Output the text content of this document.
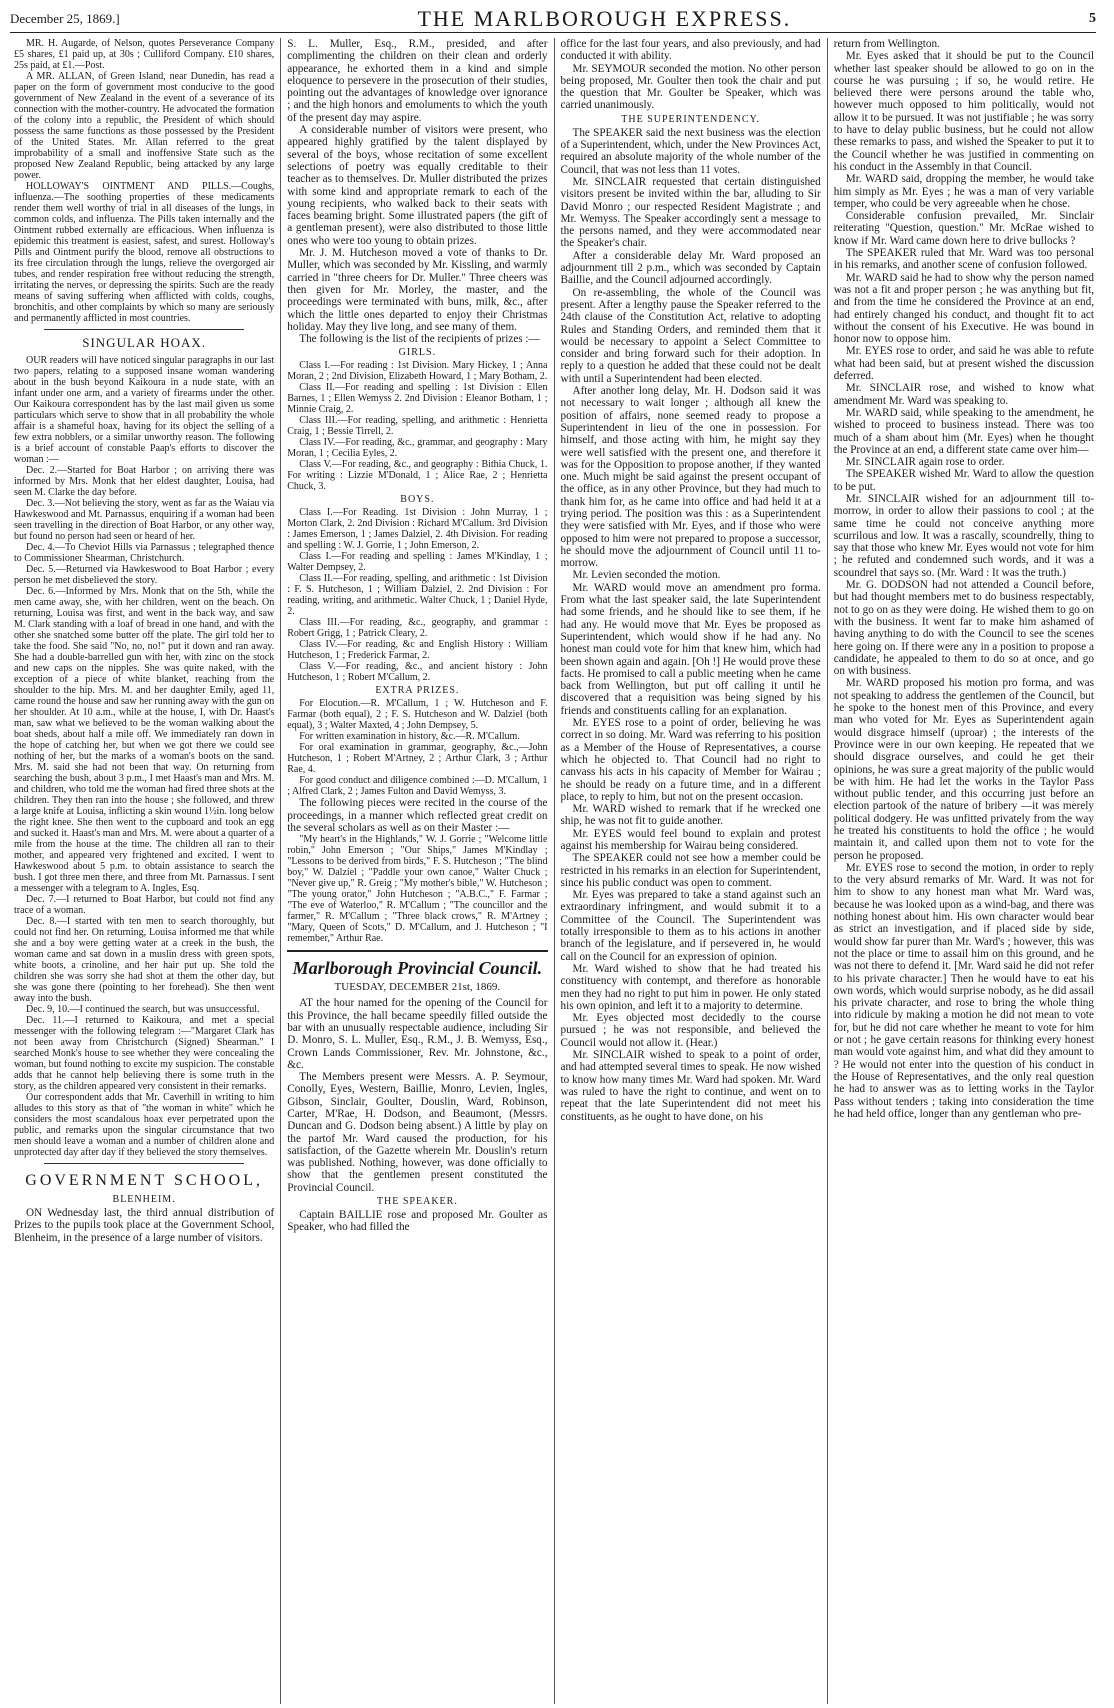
December 25, 1869.]	THE MARLBOROUGH EXPRESS.	5

MR. H. Augarde, of Nelson, quotes Perseverance Company £5 shares, £1 paid up, at 30s ; Culliford Company. £10 shares, 25s paid, at £1.—Post.

A MR. ALLAN, of Green Island, near Dunedin, has read a paper on the form of government most conducive to the good government of New Zealand in the event of a severance of its connection with the mother-country. He advocated the formation of the colony into a republic, the President of which should possess the same functions as those possessed by the President of the United States. Mr. Allan referred to the great improbability of a small and inoffensive State such as the proposed New Zealand Republic, being attacked by any large power.

HOLLOWAY'S OINTMENT AND PILLS.—Coughs, influenza.—The soothing properties of these medicaments render them well worthy of trial in all diseases of the lungs, in common colds, and influenza. The Pills taken internally and the Ointment rubbed externally are efficacious. When influenza is epidemic this treatment is easiest, safest, and surest. Holloway's Pills and Ointment purify the blood, remove all obstructions to its free circulation through the lungs, relieve the overgorged air tubes, and render respiration free without reducing the strength, irritating the nerves, or depressing the spirits. Such are the ready means of saving suffering when afflicted with colds, coughs, bronchitis, and other complaints by which so many are seriously and permanently afflicted in most countries.

SINGULAR HOAX.

OUR readers will have noticed singular paragraphs in our last two papers, relating to a supposed insane woman wandering about in the bush beyond Kaikoura in a nude state, with an infant under one arm, and a variety of firearms under the other. Our Kaikoura correspondent has by the last mail given us some particulars which serve to show that in all probability the whole affair is a shameful hoax, having for its object the selling of a few extra nobblers, or a similar unworthy reason. The following is a brief account of constable Paap's efforts to discover the woman :—

Dec. 2.—Started for Boat Harbor ; on arriving there was informed by Mrs. Monk that her eldest daughter, Louisa, had seen M. Clarke the day before.

Dec. 3.—Not believing the story, went as far as the Waiau via Hawkeswood and Mt. Parnassus, enquiring if a woman had been seen travelling in the direction of Boat Harbor, or any other way, but found no person had seen or heard of her.

Dec. 4.—To Cheviot Hills via Parnassus ; telegraphed thence to Commissioner Shearman, Christchurch.

Dec. 5.—Returned via Hawkeswood to Boat Harbor ; every person he met disbelieved the story.

Dec. 6.—Informed by Mrs. Monk that on the 5th, while the men came away, she, with her children, went on the beach. On returning, Louisa was first, and went in the back way, and saw M. Clark standing with a loaf of bread in one hand, and with the other she snatched some butter off the plate. The girl told her to take the food. She said "No, no, no!" put it down and ran away. She had a double-barrelled gun with her, with zinc on the stock and new caps on the nipples. She was quite naked, with the exception of a piece of white blanket, reaching from the shoulder to the hip. Mrs. M. and her daughter Emily, aged 11, came round the house and saw her running away with the gun on her shoulder. At 10 a.m., while at the house, I, with Dr. Haast's man, saw what we believed to be the woman walking about the boat sheds, about half a mile off. We immediately ran down in the hope of catching her, but when we got there we could see nothing of her, but the marks of a woman's boots on the sand. Mrs. M. said she had not been that way. On returning from searching the bush, about 3 p.m., I met Haast's man and Mrs. M. and children, who told me the woman had fired three shots at the children. They then ran into the house ; she followed, and threw a large knife at Louisa, inflicting a skin wound 1½in. long below the right knee. She then went to the cupboard and took an egg and sucked it. Haast's man and Mrs. M. were about a quarter of a mile from the house at the time. The children all ran to their mother, and appeared very frightened and excited. I went to Hawkeswood about 5 p.m. to obtain assistance to search the bush. I got three men there, and three from Mt. Parnassus. I sent a messenger with a telegram to A. Ingles, Esq.

Dec. 7.—I returned to Boat Harbor, but could not find any trace of a woman.

Dec. 8.—I started with ten men to search thoroughly, but could not find her. On returning, Louisa informed me that while she and a boy were getting water at a creek in the bush, the woman came and sat down in a muslin dress with green spots, white boots, a crinoline, and her hair put up. She told the children she was sorry she had shot at them the other day, but she was gone there (pointing to her forehead). She then went away into the bush.

Dec. 9, 10.—I continued the search, but was unsuccessful.

Dec. 11.—I returned to Kaikoura, and met a special messenger with the following telegram :—"Margaret Clark has not been away from Christchurch (Signed) Shearman." I searched Monk's house to see whether they were concealing the woman, but found nothing to excite my suspicion. The constable adds that he cannot help believing there is some truth in the story, as the children appeared very consistent in their remarks.

Our correspondent adds that Mr. Caverhill in writing to him alludes to this story as that of "the woman in white" which he considers the most scandalous hoax ever perpetrated upon the public, and remarks upon the singular circumstance that two men should leave a woman and a number of children alone and unprotected day after day if they believed the story themselves.

GOVERNMENT SCHOOL,
BLENHEIM.

ON Wednesday last, the third annual distribution of Prizes to the pupils took place at the Government School, Blenheim, in the presence of a large number of visitors.

S. L. Muller, Esq., R.M., presided, and after complimenting the children on their clean and orderly appearance, he exhorted them in a kind and simple eloquence to persevere in the prosecution of their studies, pointing out the advantages of knowledge over ignorance ; and the high honors and emoluments to which the youth of the present day may aspire.

A considerable number of visitors were present, who appeared highly gratified by the talent displayed by several of the boys, whose recitation of some excellent selections of poetry was equally creditable to their teacher as to themselves. Dr. Muller distributed the prizes with some kind and appropriate remark to each of the young recipients, who walked back to their seats with faces beaming bright. Some illustrated papers (the gift of a gentleman present), were also distributed to those little ones who were too young to obtain prizes.

Mr. J. M. Hutcheson moved a vote of thanks to Dr. Muller, which was seconded by Mr. Kissling, and warmly carried in "three cheers for Dr. Muller." Three cheers was then given for Mr. Morley, the master, and the proceedings were terminated with buns, milk, &c., after which the little ones departed to enjoy their Christmas holiday. May they live long, and see many of them.

The following is the list of the recipients of prizes :—

GIRLS.

Class I.—For reading : 1st Division. Mary Hickey, 1 ; Anna Moran, 2 ; 2nd Division, Elizabeth Howard, 1 ; Mary Botham, 2.

Class II.—For reading and spelling : 1st Division : Ellen Barnes, 1 ; Ellen Wemyss 2. 2nd Division : Eleanor Botham, 1 ; Minnie Craig, 2.

Class III.—For reading, spelling, and arithmetic : Henrietta Craig, 1 ; Bessie Tirrell, 2.

Class IV.—For reading, &c., grammar, and geography : Mary Moran, 1 ; Cecilia Eyles, 2.

Class V.—For reading, &c., and geography : Bithia Chuck, 1. For writing : Lizzie M'Donald, 1 ; Alice Rae, 2 ; Henrietta Chuck, 3.

BOYS.

Class I.—For Reading. 1st Division : John Murray, 1 ; Morton Clark, 2. 2nd Division : Richard M'Callum. 3rd Division : James Emerson, 1 ; James Dalziel, 2. 4th Division. For reading and spelling : W. J. Gorrie, 1 ; John Emerson, 2.

Class I.—For reading and spelling : James M'Kindlay, 1 ; Walter Dempsey, 2.

Class II.—For reading, spelling, and arithmetic : 1st Division : F. S. Hutcheson, 1 ; William Dalziel, 2. 2nd Division : For reading, writing, and arithmetic. Walter Chuck, 1 ; Daniel Hyde, 2.

Class III.—For reading, &c., geography, and grammar : Robert Grigg, 1 ; Patrick Cleary, 2.

Class IV.—For reading, &c and English History : William Hutcheson, 1 ; Frederick Farmar, 2.

Class V.—For reading, &c., and ancient history : John Hutcheson, 1 ; Robert M'Callum, 2.

EXTRA PRIZES.

For Elocution.—R. M'Callum, 1 ; W. Hutcheson and F. Farmar (both equal), 2 ; F. S. Hutcheson and W. Dalziel (both equal), 3 ; Walter Maxted, 4 ; John Dempsey, 5.

For written examination in history, &c.—R. M'Callum.

For oral examination in grammar, geography, &c.,—John Hutcheson, 1 ; Robert M'Artney, 2 ; Arthur Clark, 3 ; Arthur Rae, 4.

For good conduct and diligence combined :—D. M'Callum, 1 ; Alfred Clark, 2 ; James Fulton and David Wemyss, 3.

The following pieces were recited in the course of the proceedings, in a manner which reflected great credit on the several scholars as well as on their Master :—

"My heart's in the Highlands," W. J. Gorrie ; "Welcome little robin," John Emerson ; "Our Ships," James M'Kindlay ; "Lessons to be derived from birds," F. S. Hutcheson ; "The blind boy," W. Dalziel ; "Paddle your own canoe," Walter Chuck ; "Never give up," R. Greig ; "My mother's bible," W. Hutcheson ; "The young orator," John Hutcheson ; "A.B.C.," F. Farmar ; "The eve of Waterloo," R. M'Callum ; "The councillor and the farmer," R. M'Callum ; "Three black crows," R. M'Artney ; "Mary, Queen of Scots," D. M'Callum, and J. Hutcheson ; "I remember," Arthur Rae.

Marlborough Provincial Council.
TUESDAY, DECEMBER 21st, 1869.

AT the hour named for the opening of the Council for this Province, the hall became speedily filled outside the bar with an unusually respectable audience, including Sir D. Monro, S. L. Muller, Esq., R.M., J. B. Wemyss, Esq., Crown Lands Commissioner, Rev. Mr. Johnstone, &c., &c.

The Members present were Messrs. A. P. Seymour, Conolly, Eyes, Western, Baillie, Monro, Levien, Ingles, Gibson, Sinclair, Goulter, Douslin, Ward, Robinson, Carter, M'Rae, H. Dodson, and Beaumont, (Messrs. Duncan and G. Dodson being absent.) A little by play on the partof Mr. Ward caused the production, for his satisfaction, of the Gazette wherein Mr. Douslin's return was published. Nothing, however, was done officially to show that the gentlemen present constituted the Provincial Council.

THE SPEAKER.

Captain BAILLIE rose and proposed Mr. Goulter as Speaker, who had filled the

office for the last four years, and also previously, and had conducted it with ability.

Mr. SEYMOUR seconded the motion. No other person being proposed, Mr. Goulter then took the chair and put the question that Mr. Goulter be Speaker, which was carried unanimously.

THE SUPERINTENDENCY.

The SPEAKER said the next business was the election of a Superintendent, which, under the New Provinces Act, required an absolute majority of the whole number of the Council, that was not less than 11 votes.

Mr. SINCLAIR requested that certain distinguished visitors present be invited within the bar, alluding to Sir David Monro ; our respected Resident Magistrate ; and Mr. Wemyss. The Speaker accordingly sent a message to the persons named, and they were accommodated near the Speaker's chair.

After a considerable delay Mr. Ward proposed an adjournment till 2 p.m., which was seconded by Captain Baillie, and the Council adjourned accordingly.

On re-assembling, the whole of the Council was present. After a lengthy pause the Speaker referred to the 24th clause of the Constitution Act, relative to adopting Rules and Standing Orders, and reminded them that it would be necessary to appoint a Select Committee to consider and bring forward such for their adoption. In reply to a question he added that these could not be dealt with until a Superintendent had been elected.

After another long delay, Mr. H. Dodson said it was not necessary to wait longer ; although all knew the position of affairs, none seemed ready to propose a Superintendent in lieu of the one in possession. For himself, and those acting with him, he might say they were well satisfied with the present one, and therefore it was for the Opposition to propose another, if they wanted one. Much might be said against the present occupant of the office, as in any other Province, but they had much to thank him for, as he came into office and had held it at a trying period. The position was this : as a Superintendent they were satisfied with Mr. Eyes, and if those who were opposed to him were not prepared to propose a successor, he should move the adjournment of Council until 11 to-morrow.

Mr. Levien seconded the motion.

Mr. WARD would move an amendment pro forma. From what the last speaker said, the late Superintendent had some friends, and he should like to see them, if he had any. He would move that Mr. Eyes be proposed as Superintendent, which would show if he had any. No honest man could vote for him that knew him, which had been shown again and again. [Oh !] He would prove these facts. He promised to call a public meeting when he came back from Wellington, but put off calling it until he discovered that a requisition was being signed by his friends and constituents calling for an explanation.

Mr. EYES rose to a point of order, believing he was correct in so doing. Mr. Ward was referring to his position as a Member of the House of Representatives, a course which he objected to. That Council had no right to canvass his acts in his capacity of Member for Wairau ; he should be ready on a future time, and in a different place, to reply to him, but not on the present occasion.

Mr. WARD wished to remark that if he wrecked one ship, he was not fit to guide another.

Mr. EYES would feel bound to explain and protest against his membership for Wairau being considered.

The SPEAKER could not see how a member could be restricted in his remarks in an election for Superintendent, since his public conduct was open to comment.

Mr. Eyes was prepared to take a stand against such an extraordinary infringment, and would submit it to a Committee of the Council. The Superintendent was totally irresponsible to them as to his actions in another branch of the legislature, and if persevered in, he would call on the Council for an expression of opinion.

Mr. Ward wished to show that he had treated his constituency with contempt, and therefore as honorable men they had no right to put him in power. He only stated his own opinion, and left it to a majority to determine.

Mr. Eyes objected most decidedly to the course pursued ; he was not responsible, and believed the Council would not allow it. (Hear.)

Mr. SINCLAIR wished to speak to a point of order, and had attempted several times to speak. He now wished to know how many times Mr. Ward had spoken. Mr. Ward was ruled to have the right to continue, and went on to repeat that the late Superintendent did not meet his constituents, as he ought to have done, on his

return from Wellington.

Mr. Eyes asked that it should be put to the Council whether last speaker should be allowed to go on in the course he was pursuing ; if so, he would retire. He believed there were persons around the table who, however much opposed to him politically, would not allow it to be pursued. It was not justifiable ; he was sorry to have to delay public business, but he could not allow these remarks to pass, and wished the Speaker to put it to the Council whether he was justified in commenting on his conduct in the Assembly in that Council.

Mr. WARD said, dropping the member, he would take him simply as Mr. Eyes ; he was a man of very variable temper, who could be very agreeable when he chose.

Considerable confusion prevailed, Mr. Sinclair reiterating "Question, question." Mr. McRae wished to know if Mr. Ward came down here to drive bullocks ?

The SPEAKER ruled that Mr. Ward was too personal in his remarks, and another scene of confusion followed.

Mr. WARD said he had to show why the person named was not a fit and proper person ; he was anything but fit, and from the time he considered the Province at an end, had entirely changed his conduct, and thought fit to act without the consent of his Executive. He was bound in honor now to oppose him.

Mr. EYES rose to order, and said he was able to refute what had been said, but at present wished the discussion deferred.

Mr. SINCLAIR rose, and wished to know what amendment Mr. Ward was speaking to.

Mr. WARD said, while speaking to the amendment, he wished to proceed to business instead. There was too much of a sham about him (Mr. Eyes) when he thought the Province at an end, a different state came over him—

Mr. SINCLAIR again rose to order.

The SPEAKER wished Mr. Ward to allow the question to be put.

Mr. SINCLAIR wished for an adjournment till to-morrow, in order to allow their passions to cool ; at the same time he could not conceive anything more scurrilous and low. It was a rascally, scoundrelly, thing to say that those who knew Mr. Eyes would not vote for him ; he refuted and condemned such words, and it was a scoundrel that says so. (Mr. Ward : It was the truth.)

Mr. G. DODSON had not attended a Council before, but had thought members met to do business respectably, not to go on as they were doing. He wished them to go on with the business. It went far to make him ashamed of having anything to do with the Council to see the scenes here going on. If there were any in a position to propose a candidate, he appealed to them to do so at once, and go on with business.

Mr. WARD proposed his motion pro forma, and was not speaking to address the gentlemen of the Council, but he spoke to the honest men of this Province, and every man who voted for Mr. Eyes as Superintendent again would disgrace himself (uproar) ; the interests of the Province were in our own keeping. He repeated that we should disgrace ourselves, and could he get their opinions, he was sure a great majority of the public would be with him. He had let the works in the Taylor Pass without public tender, and this occurring just before an election partook of the nature of bribery —it was merely political dodgery. He was unfitted privately from the way he treated his constituents to hold the office ; he would maintain it, and called upon them not to vote for the person he proposed.

Mr. EYES rose to second the motion, in order to reply to the very absurd remarks of Mr. Ward. It was not for him to show to any honest man what Mr. Ward was, because he was looked upon as a wind-bag, and there was nothing honest about him. His own character would bear as strict an investigation, and if placed side by side, would show far purer than Mr. Ward's ; however, this was not the place or time to assail him on this ground, and he was not there to defend it. [Mr. Ward said he did not refer to his private character.] Then he would have to eat his own words, which would surprise nobody, as he did assail his private character, and rose to bring the whole thing into ridicule by making a motion he did not mean to vote for, but he did not care whether he meant to vote for him or not ; he gave certain reasons for thinking every honest man would vote against him, and what did they amount to ? He would not enter into the question of his conduct in the House of Representatives, and the only real question he had to answer was as to letting works in the Taylor Pass without tenders ; taking into consideration the time he had held office, longer than any gentleman who pre-
